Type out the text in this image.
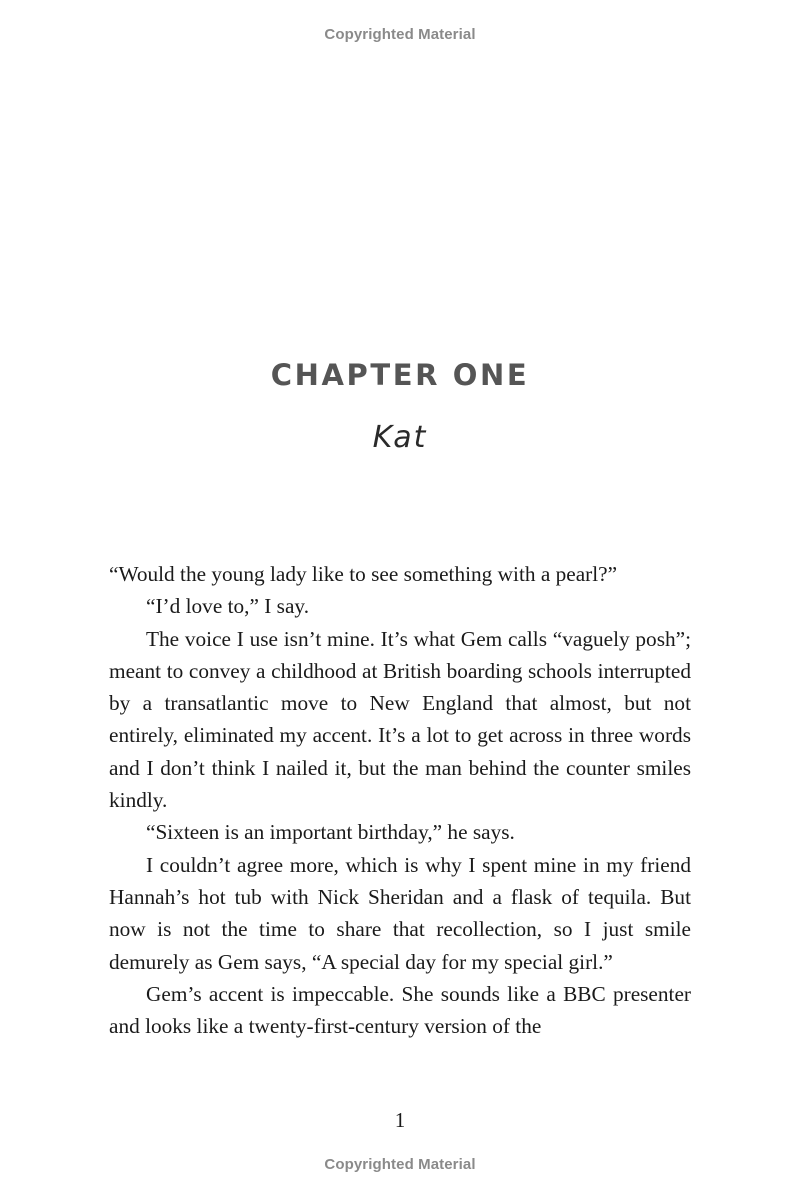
Copyrighted Material
CHAPTER ONE
Kat

“Would the young lady like to see something with a pearl?”

“I’d love to,” I say.

The voice I use isn’t mine. It’s what Gem calls “vaguely posh”; meant to convey a childhood at British boarding schools interrupted by a transatlantic move to New England that almost, but not entirely, eliminated my accent. It’s a lot to get across in three words and I don’t think I nailed it, but the man behind the counter smiles kindly.

“Sixteen is an important birthday,” he says.

I couldn’t agree more, which is why I spent mine in my friend Hannah’s hot tub with Nick Sheridan and a flask of tequila. But now is not the time to share that recollection, so I just smile demurely as Gem says, “A special day for my special girl.”

Gem’s accent is impeccable. She sounds like a BBC presenter and looks like a twenty-first-century version of the

1
Copyrighted Material
